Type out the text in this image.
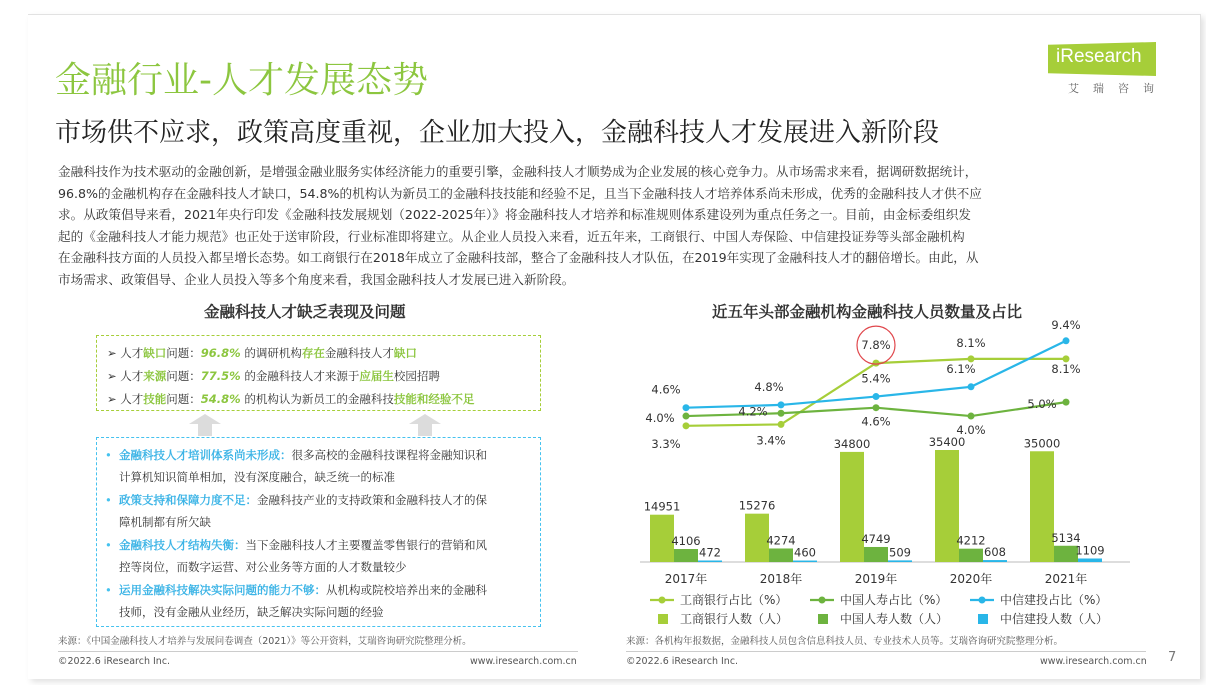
金融行业-人才发展态势
市场供不应求，政策高度重视，企业加大投入，金融科技人才发展进入新阶段
iResearch
艾瑞咨询
金融科技作为技术驱动的金融创新，是增强金融业服务实体经济能力的重要引擎，金融科技人才顺势成为企业发展的核心竞争力。从市场需求来看，据调研数据统计，
96.8%的金融机构存在金融科技人才缺口，54.8%的机构认为新员工的金融科技技能和经验不足，且当下金融科技人才培养体系尚未形成，优秀的金融科技人才供不应
求。从政策倡导来看，2021年央行印发《金融科技发展规划（2022-2025年）》将金融科技人才培养和标准规则体系建设列为重点任务之一。目前，由金标委组织发
起的《金融科技人才能力规范》也正处于送审阶段，行业标准即将建立。从企业人员投入来看，近五年来，工商银行、中国人寿保险、中信建投证券等头部金融机构
在金融科技方面的人员投入都呈增长态势。如工商银行在2018年成立了金融科技部，整合了金融科技人才队伍，在2019年实现了金融科技人才的翻倍增长。由此，从
市场需求、政策倡导、企业人员投入等多个角度来看，我国金融科技人才发展已进入新阶段。
金融科技人才缺乏表现及问题
➢ 人才缺口问题：96.8% 的调研机构存在金融科技人才缺口
➢ 人才来源问题：77.5% 的金融科技人才来源于应届生校园招聘
➢ 人才技能问题：54.8% 的机构认为新员工的金融科技技能和经验不足
• 金融科技人才培训体系尚未形成：很多高校的金融科技课程将金融知识和
计算机知识简单相加，没有深度融合，缺乏统一的标准
• 政策支持和保障力度不足：金融科技产业的支持政策和金融科技人才的保
障机制都有所欠缺
• 金融科技人才结构失衡：当下金融科技人才主要覆盖零售银行的营销和风
控等岗位，而数字运营、对公业务等方面的人才数量较少
• 运用金融科技解决实际问题的能力不够：从机构或院校培养出来的金融科
技师，没有金融从业经历，缺乏解决实际问题的经验
来源：《中国金融科技人才培养与发展问卷调查（2021）》等公开资料，艾瑞咨询研究院整理分析。
©2022.6 iResearch Inc.	www.iresearch.com.cn
近五年头部金融机构金融科技人员数量及占比
14951	15276
34800	35400	35000
4106	4274	4749	4212	5134
472	460	509	608	1109
3.3%	3.4%
7.8%	8.1%
8.1%
4.0%	4.2%
4.6%
4.0%
5.0%
4.6%	4.8%
5.4%
6.1%
9.4%
2017年	2018年	2019年	2020年	2021年
工商银行占比（%）	中国人寿占比（%）	中信建投占比（%）
工商银行人数（人）	中国人寿人数（人）	中信建投人数（人）
来源：各机构年报数据，金融科技人员包含信息科技人员、专业技术人员等。艾瑞咨询研究院整理分析。
©2022.6 iResearch Inc.	www.iresearch.com.cn 7
